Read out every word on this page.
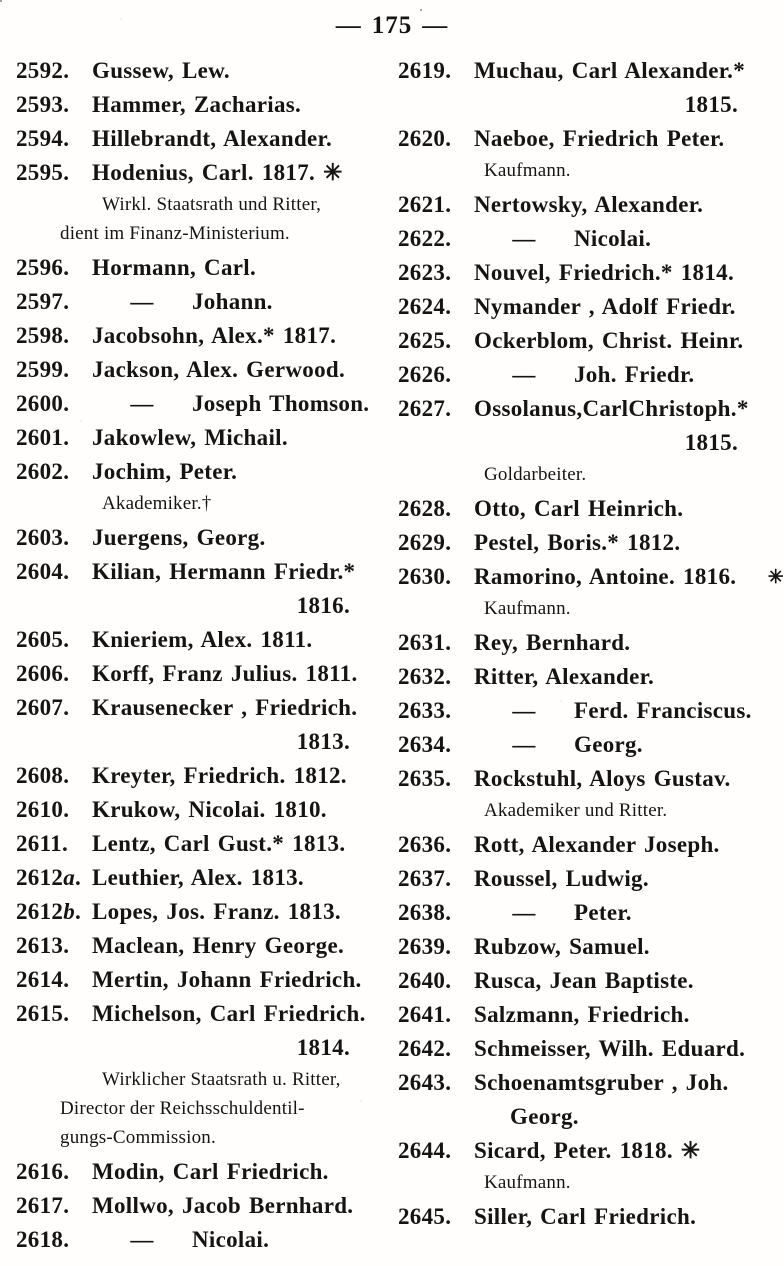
— 175 —
2592. Gussew, Lew.
2593. Hammer, Zacharias.
2594. Hillebrandt, Alexander.
2595. Hodenius, Carl. 1817. ✳
Wirkl. Staatsrath und Ritter,
dient im Finanz-Ministerium.
2596. Hormann, Carl.
2597.	—	Johann.
2598. Jacobsohn, Alex.* 1817.
2599. Jackson, Alex. Gerwood.
2600.	—	Joseph Thomson.
2601. Jakowlew, Michail.
2602. Jochim, Peter.
Akademiker.†
2603. Juergens, Georg.
2604. Kilian, Hermann Friedr.*
1816.
2605. Knieriem, Alex. 1811.
2606. Korff, Franz Julius. 1811.
2607. Krausenecker , Friedrich.
1813.
2608. Kreyter, Friedrich. 1812.
2610. Krukow, Nicolai. 1810.
2611.	Lentz, Carl Gust.* 1813.
2612a. Leuthier, Alex. 1813.
2612b. Lopes, Jos. Franz. 1813.
2613. Maclean, Henry George.
2614. Mertin, Johann Friedrich.
2615. Michelson, Carl Friedrich.
1814.
Wirklicher Staatsrath u. Ritter,
Director der Reichsschuldentil-
gungs-Commission.
2616. Modin, Carl Friedrich.
2617. Mollwo, Jacob Bernhard.
2618.	—	Nicolai.
2619. Muchau, Carl Alexander.*
1815.
2620. Naeboe, Friedrich Peter.
Kaufmann.
2621. Nertowsky, Alexander.
2622.	—	Nicolai.
2623. Nouvel, Friedrich.* 1814.
2624. Nymander , Adolf Friedr.
2625. Ockerblom, Christ. Heinr.
2626.	—	Joh. Friedr.
2627. Ossolanus,CarlChristoph.*
1815.
Goldarbeiter.
2628. Otto, Carl Heinrich.
2629. Pestel, Boris.* 1812.
2630. Ramorino, Antoine. 1816. ✳
Kaufmann.
2631. Rey, Bernhard.
2632. Ritter, Alexander.
2633.	—	Ferd. Franciscus.
2634.	—	Georg.
2635. Rockstuhl, Aloys Gustav.
Akademiker und Ritter.
2636. Rott, Alexander Joseph.
2637. Roussel, Ludwig.
2638.	—	Peter.
2639. Rubzow, Samuel.
2640. Rusca, Jean Baptiste.
2641. Salzmann, Friedrich.
2642. Schmeisser, Wilh. Eduard.
2643. Schoenamtsgruber , Joh.
Georg.
2644. Sicard, Peter. 1818. ✳
Kaufmann.
2645. Siller, Carl Friedrich.
